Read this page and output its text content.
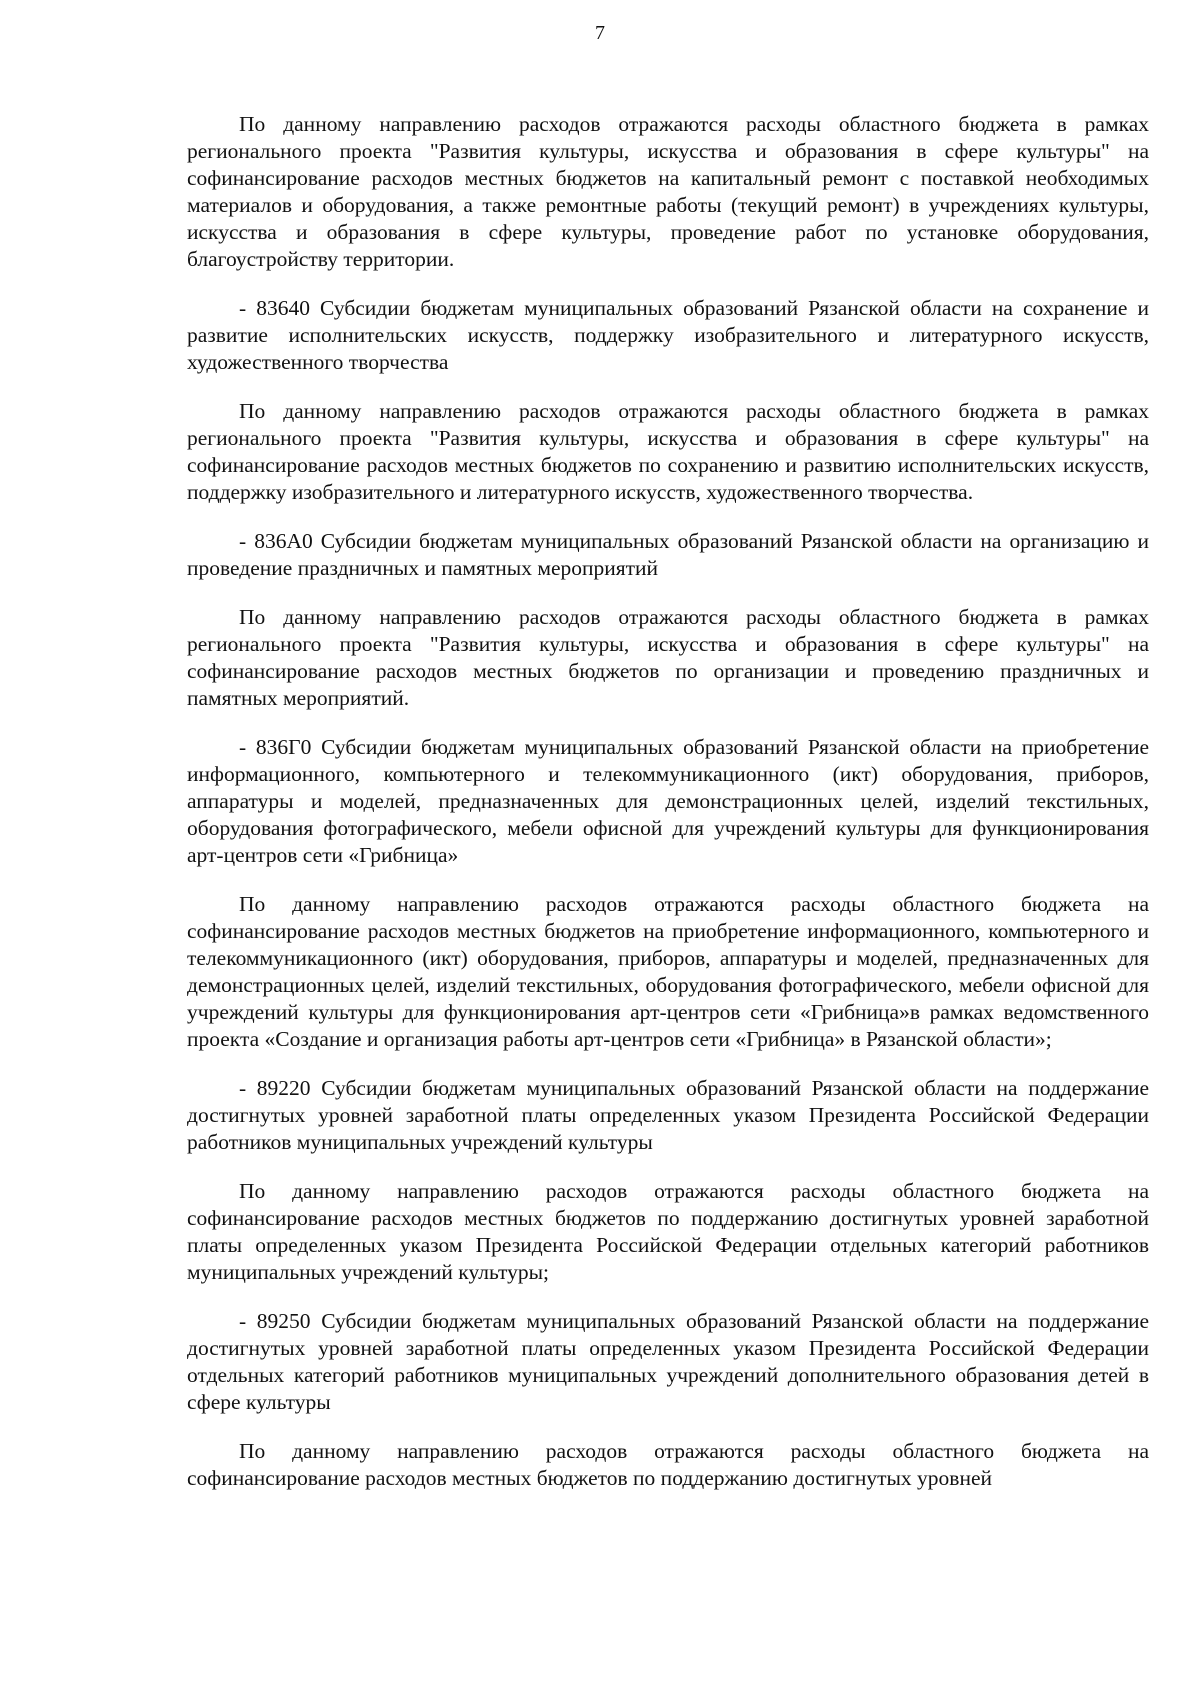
7

По данному направлению расходов отражаются расходы областного бюджета в рамках регионального проекта "Развития культуры, искусства и образования в сфере культуры" на софинансирование расходов местных бюджетов на капитальный ремонт с поставкой необходимых материалов и оборудования, а также ремонтные работы (текущий ремонт) в учреждениях культуры, искусства и образования в сфере культуры, проведение работ по установке оборудования, благоустройству территории.

- 83640 Субсидии бюджетам муниципальных образований Рязанской области на сохранение и развитие исполнительских искусств, поддержку изобразительного и литературного искусств, художественного творчества

По данному направлению расходов отражаются расходы областного бюджета в рамках регионального проекта "Развития культуры, искусства и образования в сфере культуры" на софинансирование расходов местных бюджетов по сохранению и развитию исполнительских искусств, поддержку изобразительного и литературного искусств, художественного творчества.

- 836А0 Субсидии бюджетам муниципальных образований Рязанской области на организацию и проведение праздничных и памятных мероприятий

По данному направлению расходов отражаются расходы областного бюджета в рамках регионального проекта "Развития культуры, искусства и образования в сфере культуры" на софинансирование расходов местных бюджетов по организации и проведению праздничных и памятных мероприятий.

- 836Г0 Субсидии бюджетам муниципальных образований Рязанской области на приобретение информационного, компьютерного и телекоммуникационного (икт) оборудования, приборов, аппаратуры и моделей, предназначенных для демонстрационных целей, изделий текстильных, оборудования фотографического, мебели офисной для учреждений культуры для функционирования арт-центров сети «Грибница»

По данному направлению расходов отражаются расходы областного бюджета на софинансирование расходов местных бюджетов на приобретение информационного, компьютерного и телекоммуникационного (икт) оборудования, приборов, аппаратуры и моделей, предназначенных для демонстрационных целей, изделий текстильных, оборудования фотографического, мебели офисной для учреждений культуры для функционирования арт-центров сети «Грибница»в рамках ведомственного проекта «Создание и организация работы арт-центров сети «Грибница» в Рязанской области»;

- 89220 Субсидии бюджетам муниципальных образований Рязанской области на поддержание достигнутых уровней заработной платы определенных указом Президента Российской Федерации работников муниципальных учреждений культуры

По данному направлению расходов отражаются расходы областного бюджета на софинансирование расходов местных бюджетов по поддержанию достигнутых уровней заработной платы определенных указом Президента Российской Федерации отдельных категорий работников муниципальных учреждений культуры;

- 89250 Субсидии бюджетам муниципальных образований Рязанской области на поддержание достигнутых уровней заработной платы определенных указом Президента Российской Федерации отдельных категорий работников муниципальных учреждений дополнительного образования детей в сфере культуры

По данному направлению расходов отражаются расходы областного бюджета на софинансирование расходов местных бюджетов по поддержанию достигнутых уровней
